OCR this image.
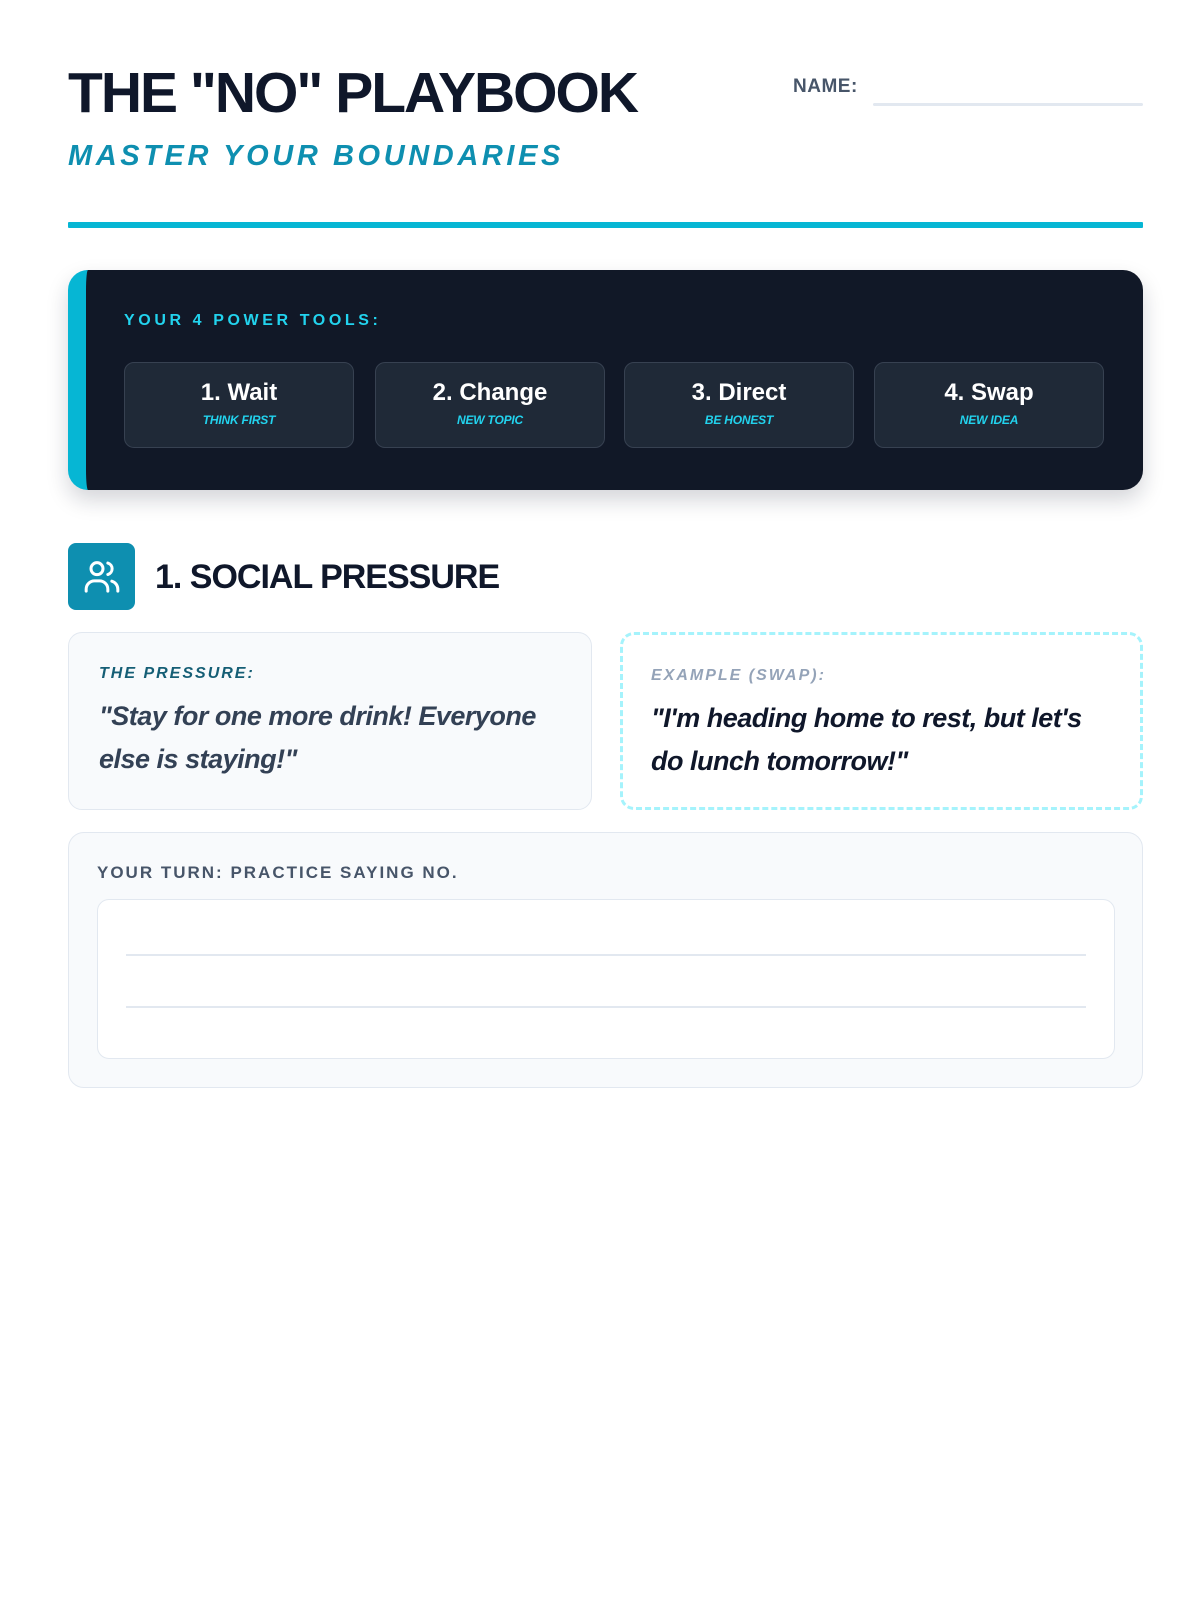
THE "NO" PLAYBOOK
MASTER YOUR BOUNDARIES
NAME:
YOUR 4 POWER TOOLS:
1. Wait
THINK FIRST
2. Change
NEW TOPIC
3. Direct
BE HONEST
4. Swap
NEW IDEA
1. SOCIAL PRESSURE
THE PRESSURE:
"Stay for one more drink! Everyone else is staying!"
EXAMPLE (SWAP):
"I'm heading home to rest, but let's do lunch tomorrow!"
YOUR TURN: PRACTICE SAYING NO.
